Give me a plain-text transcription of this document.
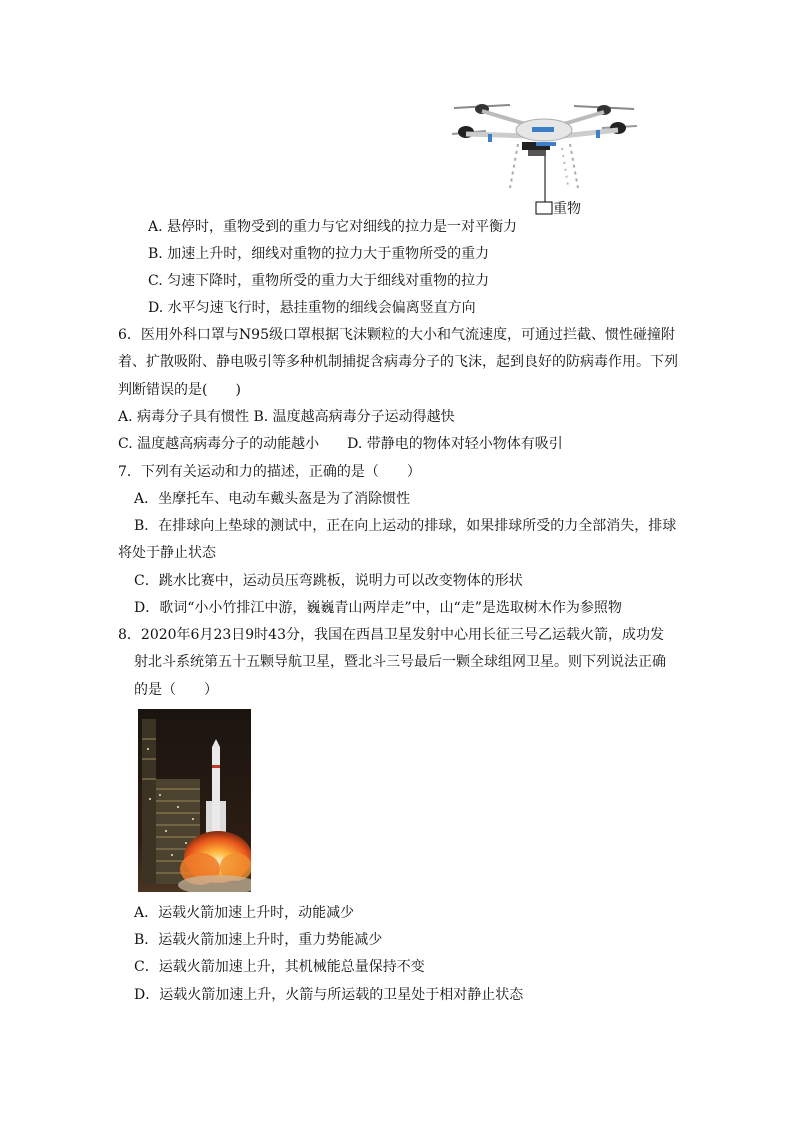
重物
A. 悬停时，重物受到的重力与它对细线的拉力是一对平衡力
B. 加速上升时，细线对重物的拉力大于重物所受的重力
C. 匀速下降时，重物所受的重力大于细线对重物的拉力
D. 水平匀速飞行时，悬挂重物的细线会偏离竖直方向
6．医用外科口罩与N95级口罩根据飞沫颗粒的大小和气流速度，可通过拦截、惯性碰撞附
着、扩散吸附、静电吸引等多种机制捕捉含病毒分子的飞沫，起到良好的防病毒作用。下列
判断错误的是(　　)
A. 病毒分子具有惯性 B. 温度越高病毒分子运动得越快
C. 温度越高病毒分子的动能越小　　D. 带静电的物体对轻小物体有吸引
7．下列有关运动和力的描述，正确的是（　　）
A．坐摩托车、电动车戴头盔是为了消除惯性
B．在排球向上垫球的测试中，正在向上运动的排球，如果排球所受的力全部消失，排球
将处于静止状态
C．跳水比赛中，运动员压弯跳板，说明力可以改变物体的形状
D．歌词“小小竹排江中游，巍巍青山两岸走”中，山“走”是选取树木作为参照物
8．2020年6月23日9时43分，我国在西昌卫星发射中心用长征三号乙运载火箭，成功发
射北斗系统第五十五颗导航卫星，暨北斗三号最后一颗全球组网卫星。则下列说法正确
的是（　　）
A．运载火箭加速上升时，动能减少
B．运载火箭加速上升时，重力势能减少
C．运载火箭加速上升，其机械能总量保持不变
D．运载火箭加速上升，火箭与所运载的卫星处于相对静止状态
